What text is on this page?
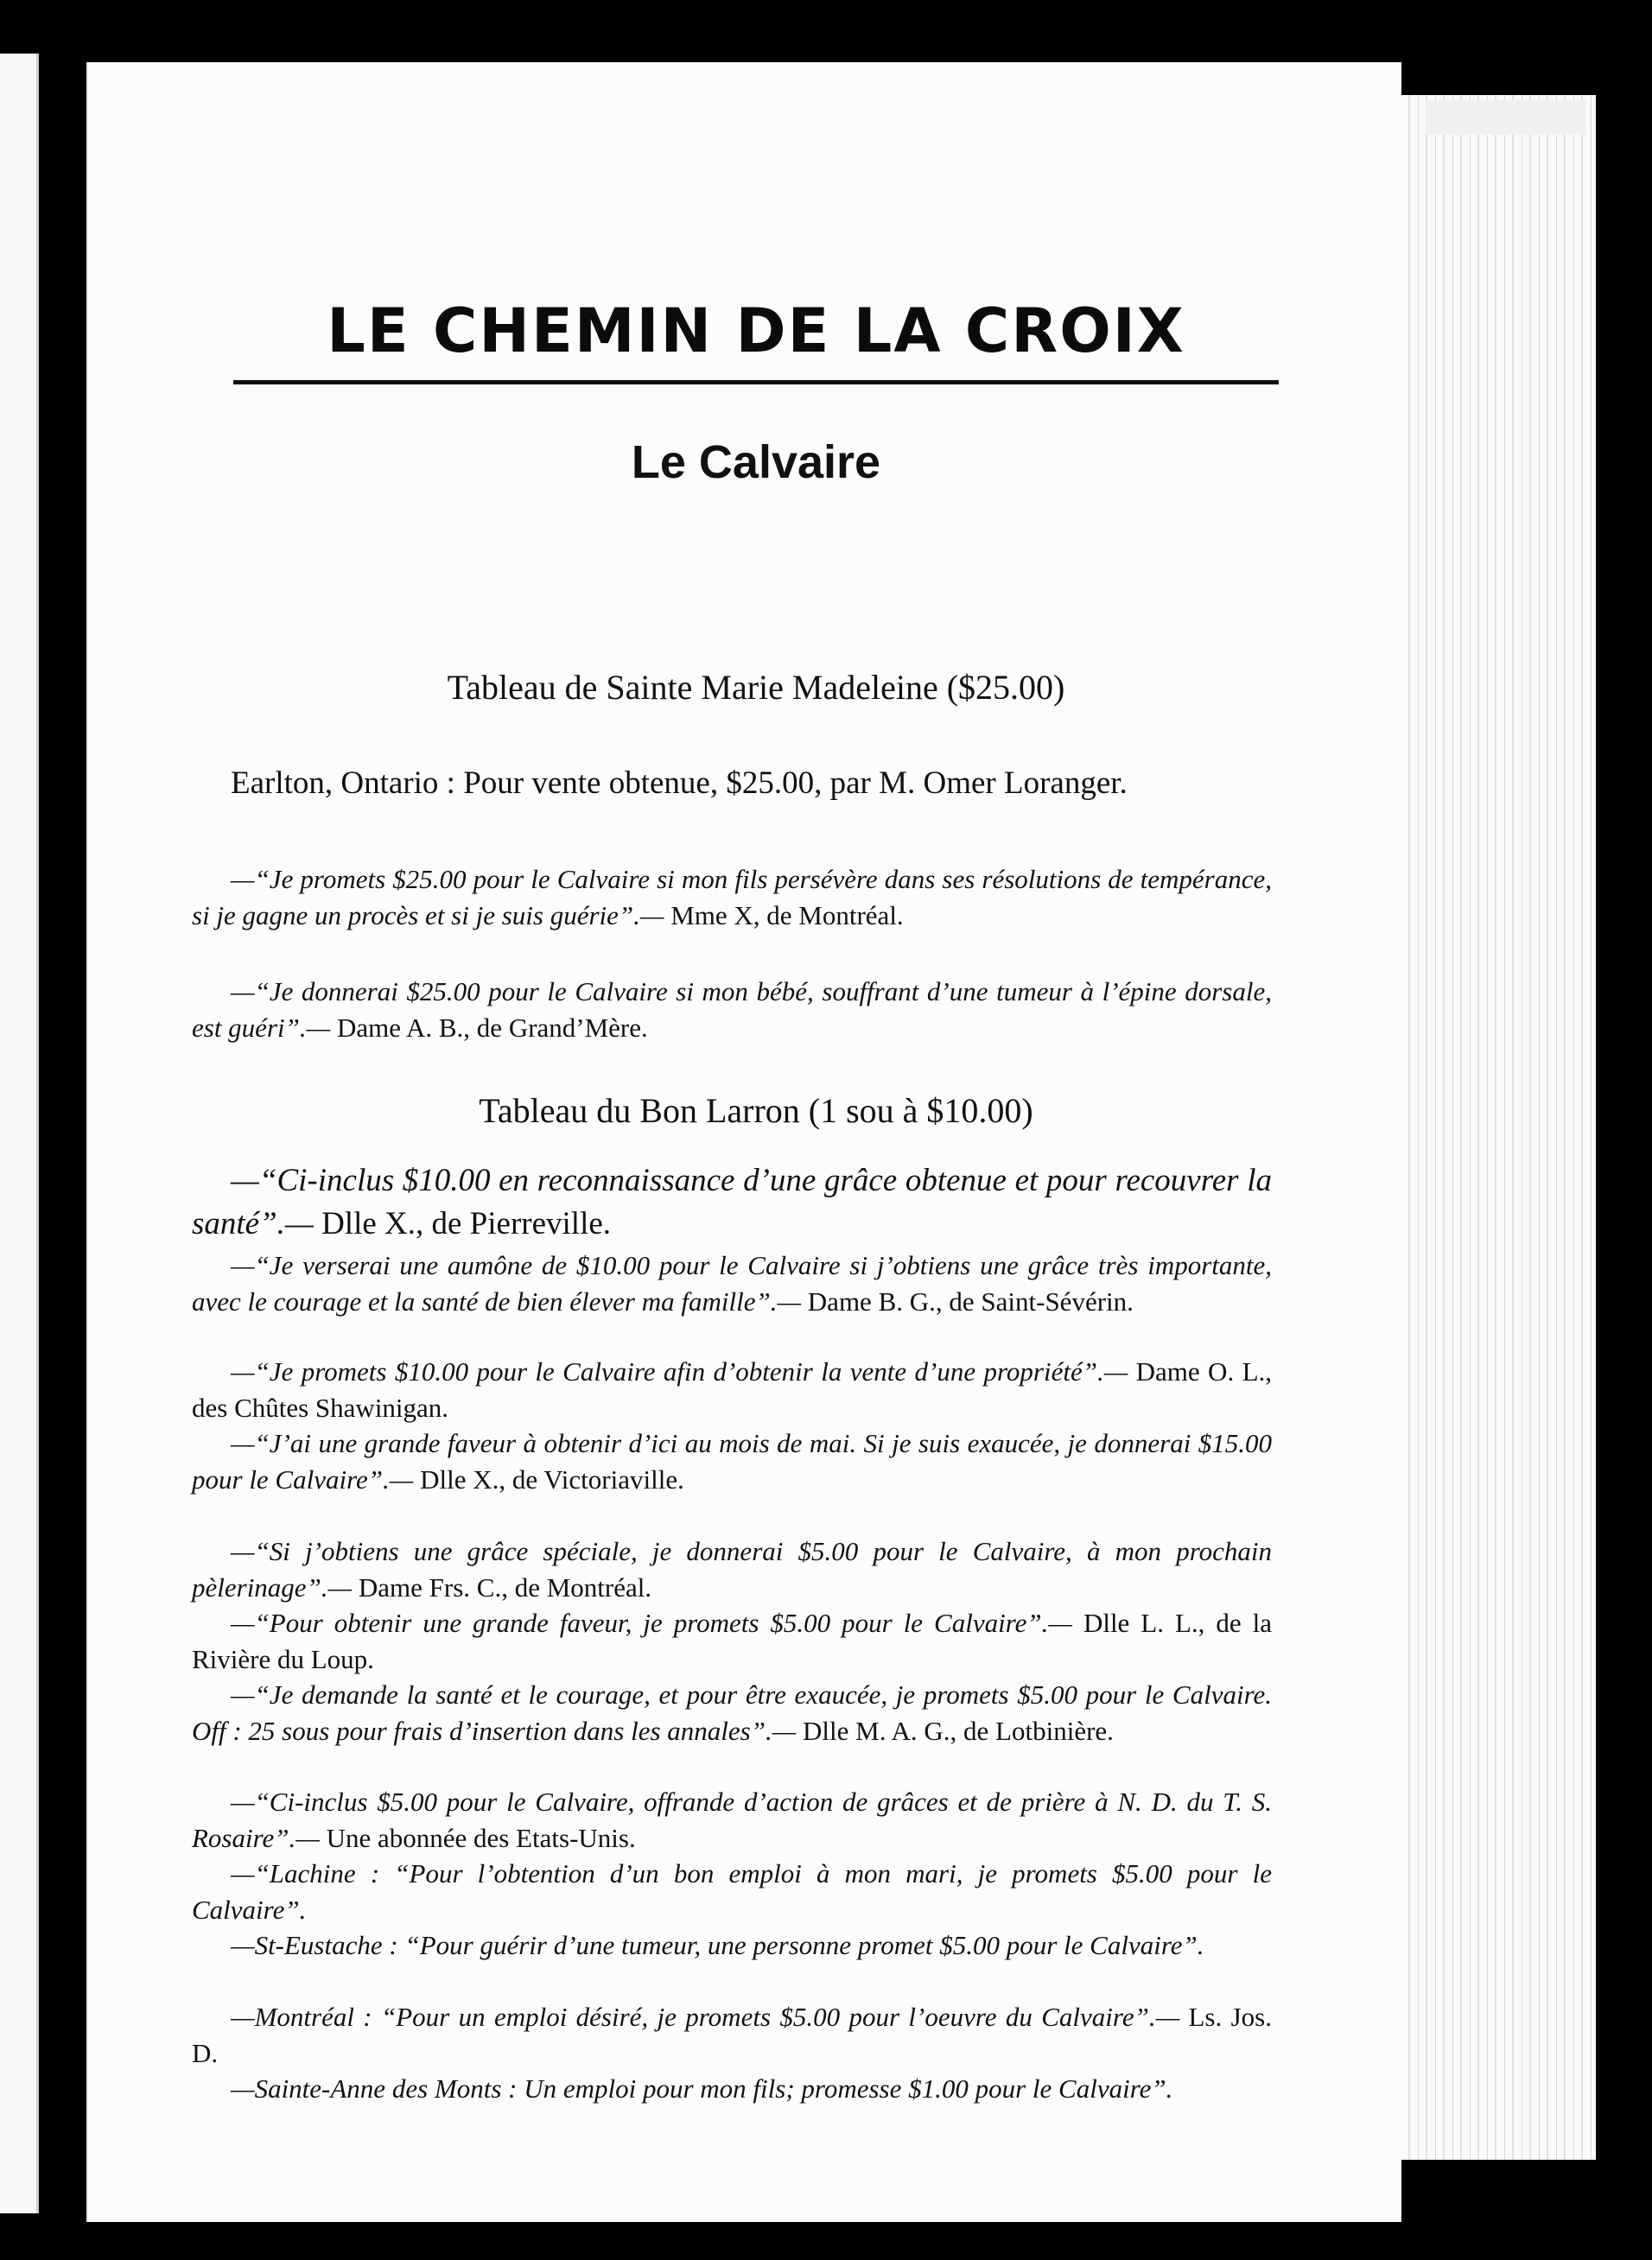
LE CHEMIN DE LA CROIX
Le Calvaire
Tableau de Sainte Marie Madeleine ($25.00)
Earlton, Ontario : Pour vente obtenue, $25.00, par M. Omer Loranger.
—“Je promets $25.00 pour le Calvaire si mon fils persévère dans ses résolutions de tempérance, si je gagne un procès et si je suis guérie”.— Mme X, de Montréal.
—“Je donnerai $25.00 pour le Calvaire si mon bébé, souffrant d’une tumeur à l’épine dorsale, est guéri”.— Dame A. B., de Grand’Mère.
Tableau du Bon Larron (1 sou à $10.00)
—“Ci-inclus $10.00 en reconnaissance d’une grâce obtenue et pour recouvrer la santé”.— Dlle X., de Pierreville.
—“Je verserai une aumône de $10.00 pour le Calvaire si j’obtiens une grâce très importante, avec le courage et la santé de bien élever ma famille”.— Dame B. G., de Saint-Sévérin.
—“Je promets $10.00 pour le Calvaire afin d’obtenir la vente d’une propriété”.— Dame O. L., des Chûtes Shawinigan.
—“J’ai une grande faveur à obtenir d’ici au mois de mai. Si je suis exaucée, je donnerai $15.00 pour le Calvaire”.— Dlle X., de Victoriaville.
—“Si j’obtiens une grâce spéciale, je donnerai $5.00 pour le Calvaire, à mon prochain pèlerinage”.— Dame Frs. C., de Montréal.
—“Pour obtenir une grande faveur, je promets $5.00 pour le Calvaire”.— Dlle L. L., de la Rivière du Loup.
—“Je demande la santé et le courage, et pour être exaucée, je promets $5.00 pour le Calvaire. Off : 25 sous pour frais d’insertion dans les annales”.— Dlle M. A. G., de Lotbinière.
—“Ci-inclus $5.00 pour le Calvaire, offrande d’action de grâces et de prière à N. D. du T. S. Rosaire”.— Une abonnée des Etats-Unis.
—“Lachine : “Pour l’obtention d’un bon emploi à mon mari, je promets $5.00 pour le Calvaire”.
—St-Eustache : “Pour guérir d’une tumeur, une personne promet $5.00 pour le Calvaire”.
—Montréal : “Pour un emploi désiré, je promets $5.00 pour l’oeuvre du Calvaire”.— Ls. Jos. D.
—Sainte-Anne des Monts : Un emploi pour mon fils; promesse $1.00 pour le Calvaire”.
